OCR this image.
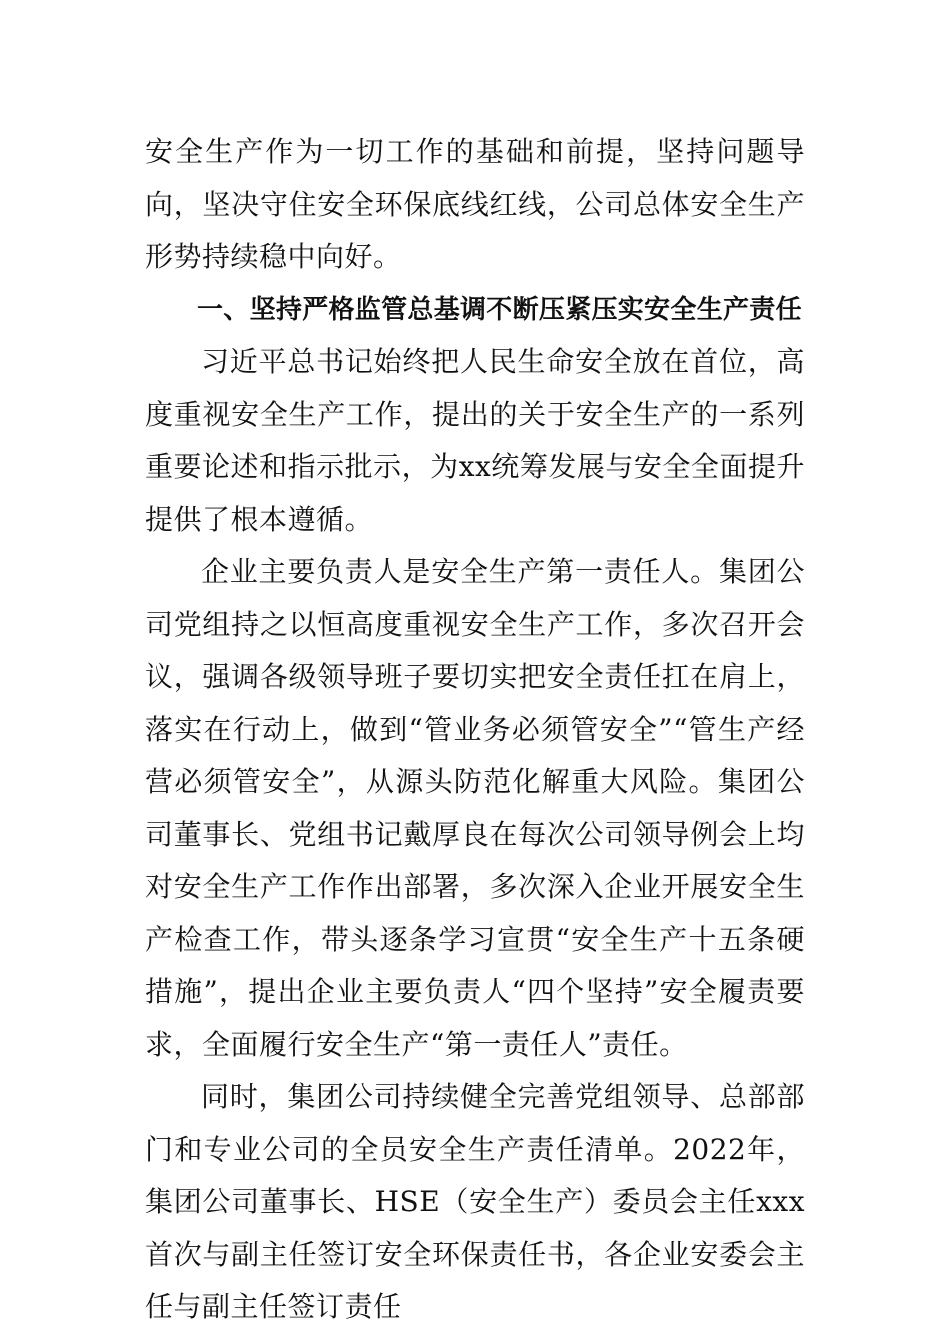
安全生产作为一切工作的基础和前提，坚持问题导向，坚决守住安全环保底线红线，公司总体安全生产形势持续稳中向好。

一、坚持严格监管总基调不断压紧压实安全生产责任

习近平总书记始终把人民生命安全放在首位，高度重视安全生产工作，提出的关于安全生产的一系列重要论述和指示批示，为xx统筹发展与安全全面提升提供了根本遵循。

企业主要负责人是安全生产第一责任人。集团公司党组持之以恒高度重视安全生产工作，多次召开会议，强调各级领导班子要切实把安全责任扛在肩上，落实在行动上，做到“管业务必须管安全”“管生产经营必须管安全”，从源头防范化解重大风险。集团公司董事长、党组书记戴厚良在每次公司领导例会上均对安全生产工作作出部署，多次深入企业开展安全生产检查工作，带头逐条学习宣贯“安全生产十五条硬措施”，提出企业主要负责人“四个坚持”安全履责要求，全面履行安全生产“第一责任人”责任。

同时，集团公司持续健全完善党组领导、总部部门和专业公司的全员安全生产责任清单。2022年，集团公司董事长、HSE（安全生产）委员会主任xxx首次与副主任签订安全环保责任书，各企业安委会主任与副主任签订责任
